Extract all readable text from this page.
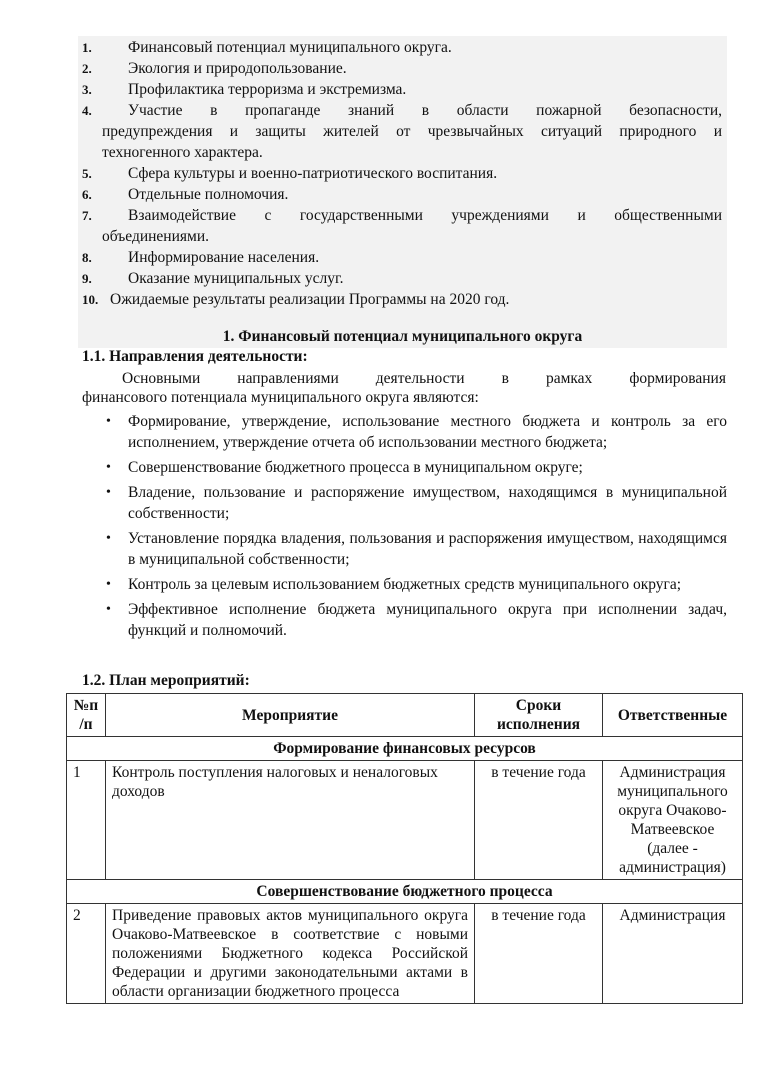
1. Финансовый потенциал муниципального округа.
2. Экология и природопользование.
3. Профилактика терроризма и экстремизма.
4. Участие в пропаганде знаний в области пожарной безопасности,
предупреждения и защиты жителей от чрезвычайных ситуаций природного и
техногенного характера.
5. Сфера культуры и военно-патриотического воспитания.
6. Отдельные полномочия.
7. Взаимодействие с государственными учреждениями и общественными
объединениями.
8. Информирование населения.
9. Оказание муниципальных услуг.
10. Ожидаемые результаты реализации Программы на 2020 год.
1. Финансовый потенциал муниципального округа
1.1. Направления деятельности:
Основными направлениями деятельности в рамках формирования
финансового потенциала муниципального округа являются:
• Формирование, утверждение, использование местного бюджета и контроль за его исполнением, утверждение отчета об использовании местного бюджета;
• Совершенствование бюджетного процесса в муниципальном округе;
• Владение, пользование и распоряжение имуществом, находящимся в муниципальной собственности;
• Установление порядка владения, пользования и распоряжения имуществом, находящимся в муниципальной собственности;
• Контроль за целевым использованием бюджетных средств муниципального округа;
• Эффективное исполнение бюджета муниципального округа при исполнении задач, функций и полномочий.
1.2. План мероприятий:
№п /п	Мероприятие	Сроки исполнения	Ответственные
Формирование финансовых ресурсов			
1	Контроль поступления налоговых и неналоговых доходов	в течение года	Администрация муниципального округа Очаково-Матвеевское (далее - администрация)
Совершенствование бюджетного процесса			
2	Приведение правовых актов муниципального округа Очаково-Матвеевское в соответствие с новыми положениями Бюджетного кодекса Российской Федерации и другими законодательными актами в области организации бюджетного процесса	в течение года	Администрация
